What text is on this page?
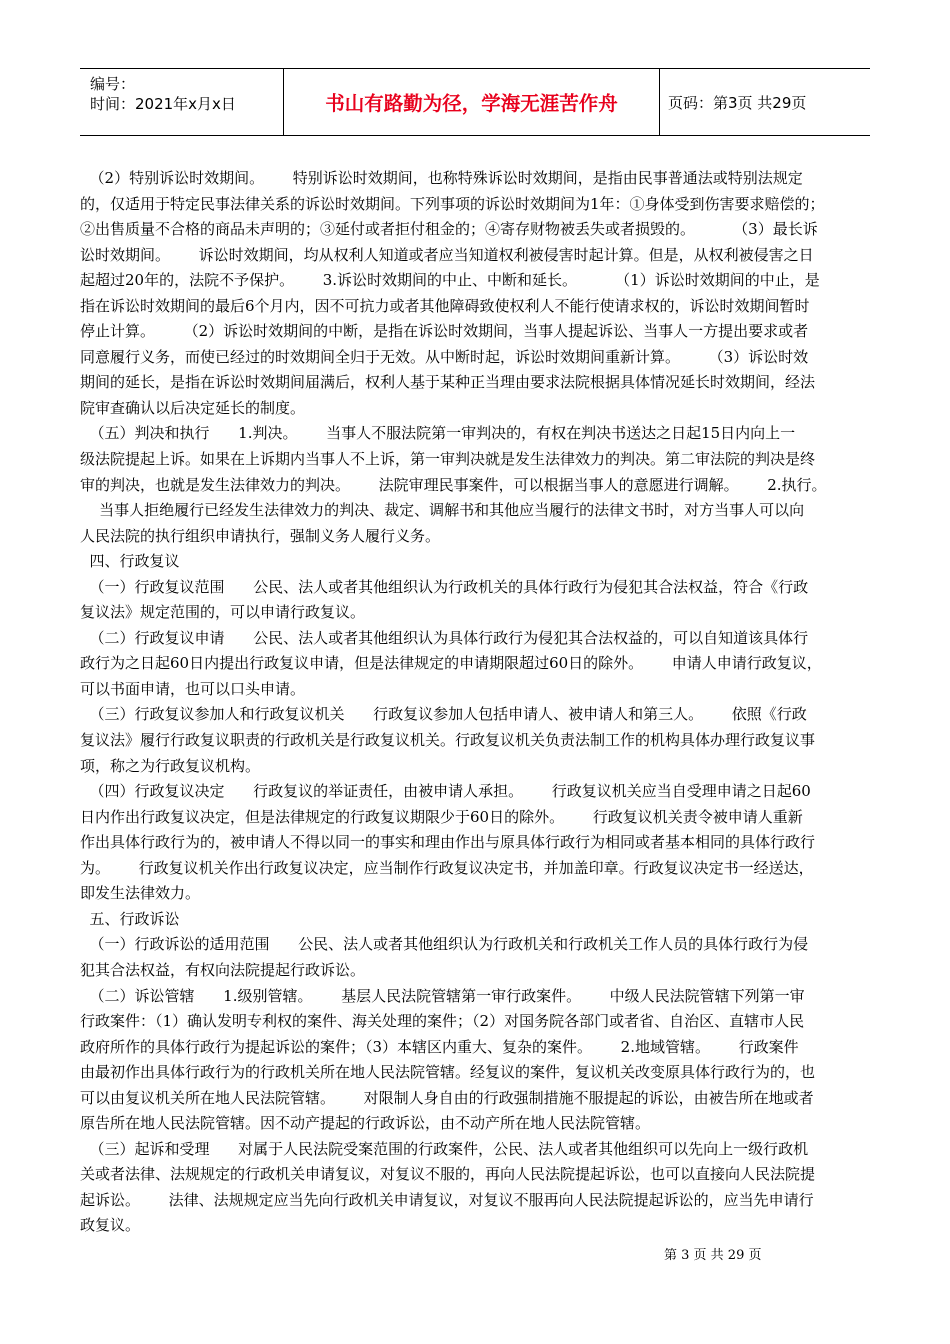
编号：
时间：2021年x月x日	书山有路勤为径，学海无涯苦作舟	页码：第3页 共29页
（2）特别诉讼时效期间。      特别诉讼时效期间，也称特殊诉讼时效期间，是指由民事普通法或特别法规定
的，仅适用于特定民事法律关系的诉讼时效期间。下列事项的诉讼时效期间为1年：①身体受到伤害要求赔偿的；
②出售质量不合格的商品未声明的；③延付或者拒付租金的；④寄存财物被丢失或者损毁的。        （3）最长诉
讼时效期间。      诉讼时效期间，均从权利人知道或者应当知道权利被侵害时起计算。但是，从权利被侵害之日
起超过20年的，法院不予保护。      3.诉讼时效期间的中止、中断和延长。        （1）诉讼时效期间的中止，是
指在诉讼时效期间的最后6个月内，因不可抗力或者其他障碍致使权利人不能行使请求权的，诉讼时效期间暂时
停止计算。      （2）诉讼时效期间的中断，是指在诉讼时效期间，当事人提起诉讼、当事人一方提出要求或者
同意履行义务，而使已经过的时效期间全归于无效。从中断时起，诉讼时效期间重新计算。      （3）诉讼时效
期间的延长，是指在诉讼时效期间届满后，权利人基于某种正当理由要求法院根据具体情况延长时效期间，经法
院审查确认以后决定延长的制度。
（五）判决和执行      1.判决。      当事人不服法院第一审判决的，有权在判决书送达之日起15日内向上一
级法院提起上诉。如果在上诉期内当事人不上诉，第一审判决就是发生法律效力的判决。第二审法院的判决是终
审的判决，也就是发生法律效力的判决。      法院审理民事案件，可以根据当事人的意愿进行调解。      2.执行。
当事人拒绝履行已经发生法律效力的判决、裁定、调解书和其他应当履行的法律文书时，对方当事人可以向
人民法院的执行组织申请执行，强制义务人履行义务。
四、行政复议
（一）行政复议范围      公民、法人或者其他组织认为行政机关的具体行政行为侵犯其合法权益，符合《行政
复议法》规定范围的，可以申请行政复议。
（二）行政复议申请      公民、法人或者其他组织认为具体行政行为侵犯其合法权益的，可以自知道该具体行
政行为之日起60日内提出行政复议申请，但是法律规定的申请期限超过60日的除外。      申请人申请行政复议，
可以书面申请，也可以口头申请。
（三）行政复议参加人和行政复议机关      行政复议参加人包括申请人、被申请人和第三人。      依照《行政
复议法》履行行政复议职责的行政机关是行政复议机关。行政复议机关负责法制工作的机构具体办理行政复议事
项，称之为行政复议机构。
（四）行政复议决定      行政复议的举证责任，由被申请人承担。      行政复议机关应当自受理申请之日起60
日内作出行政复议决定，但是法律规定的行政复议期限少于60日的除外。      行政复议机关责令被申请人重新
作出具体行政行为的，被申请人不得以同一的事实和理由作出与原具体行政行为相同或者基本相同的具体行政行
为。      行政复议机关作出行政复议决定，应当制作行政复议决定书，并加盖印章。行政复议决定书一经送达，
即发生法律效力。
五、行政诉讼
（一）行政诉讼的适用范围      公民、法人或者其他组织认为行政机关和行政机关工作人员的具体行政行为侵
犯其合法权益，有权向法院提起行政诉讼。
（二）诉讼管辖      1.级别管辖。      基层人民法院管辖第一审行政案件。      中级人民法院管辖下列第一审
行政案件：（1）确认发明专利权的案件、海关处理的案件；（2）对国务院各部门或者省、自治区、直辖市人民
政府所作的具体行政行为提起诉讼的案件；（3）本辖区内重大、复杂的案件。      2.地域管辖。      行政案件
由最初作出具体行政行为的行政机关所在地人民法院管辖。经复议的案件，复议机关改变原具体行政行为的，也
可以由复议机关所在地人民法院管辖。      对限制人身自由的行政强制措施不服提起的诉讼，由被告所在地或者
原告所在地人民法院管辖。因不动产提起的行政诉讼，由不动产所在地人民法院管辖。
（三）起诉和受理      对属于人民法院受案范围的行政案件，公民、法人或者其他组织可以先向上一级行政机
关或者法律、法规规定的行政机关申请复议，对复议不服的，再向人民法院提起诉讼，也可以直接向人民法院提
起诉讼。      法律、法规规定应当先向行政机关申请复议，对复议不服再向人民法院提起诉讼的，应当先申请行
政复议。
第 3 页 共 29 页
